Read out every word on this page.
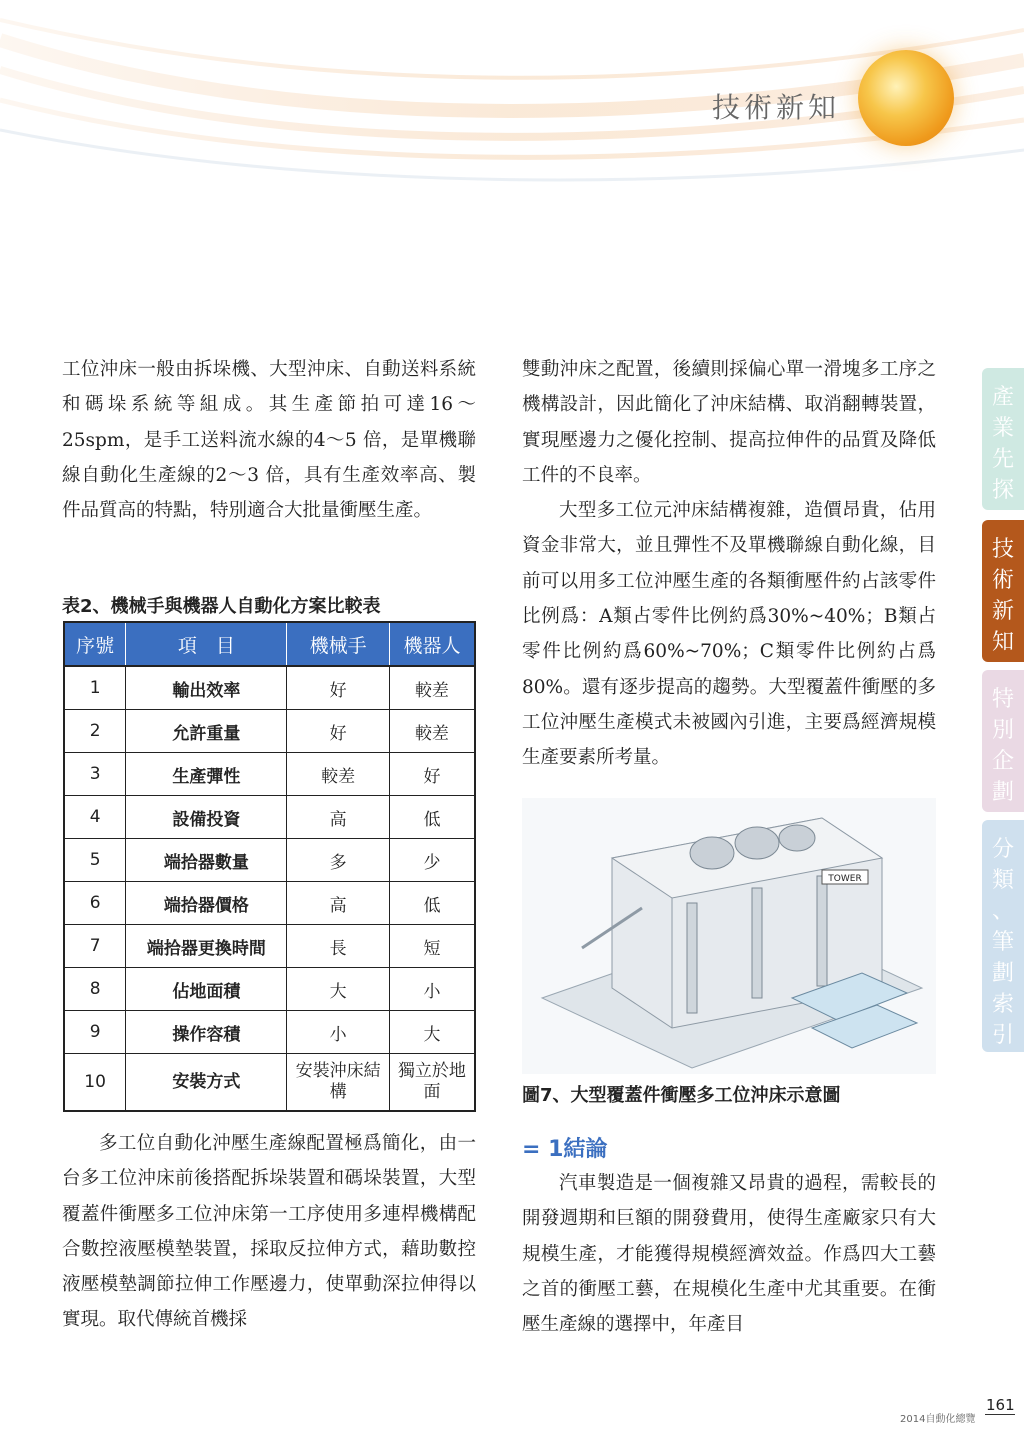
技術新知
產
業
先
探
技
術
新
知
特
別
企
劃
分
類
、
筆
劃
索
引

工位沖床一般由拆垛機、大型沖床、自動送料系統和碼垛系統等組成。其生產節拍可達16～25spm，是手工送料流水線的4～5 倍，是單機聯線自動化生產線的2～3 倍，具有生產效率高、製件品質高的特點，特別適合大批量衝壓生產。

表2、機械手與機器人自動化方案比較表
序號	項　目	機械手	機器人
1	輸出效率	好	較差
2	允許重量	好	較差
3	生產彈性	較差	好
4	設備投資	高	低
5	端拾器數量	多	少
6	端拾器價格	高	低
7	端拾器更換時間	長	短
8	佔地面積	大	小
9	操作容積	小	大
10	安裝方式	安裝沖床結構	獨立於地面

多工位自動化沖壓生產線配置極爲簡化，由一台多工位沖床前後搭配拆垛裝置和碼垛裝置，大型覆蓋件衝壓多工位沖床第一工序使用多連桿機構配合數控液壓模墊裝置，採取反拉伸方式，藉助數控液壓模墊調節拉伸工作壓邊力，使單動深拉伸得以實現。取代傳統首機採

雙動沖床之配置，後續則採偏心單一滑塊多工序之機構設計，因此簡化了沖床結構、取消翻轉裝置，實現壓邊力之優化控制、提高拉伸件的品質及降低工件的不良率。

大型多工位元沖床結構複雜，造價昂貴，佔用資金非常大，並且彈性不及單機聯線自動化線，目前可以用多工位沖壓生產的各類衝壓件約占該零件比例爲：A類占零件比例約爲30%~40%；B類占零件比例約爲60%~70%；C類零件比例約占爲80%。還有逐步提高的趨勢。大型覆蓋件衝壓的多工位沖壓生產模式未被國內引進，主要爲經濟規模生產要素所考量。

TOWER
圖7、大型覆蓋件衝壓多工位沖床示意圖
= 1結論

汽車製造是一個複雜又昂貴的過程，需較長的開發週期和巨額的開發費用，使得生產廠家只有大規模生產，才能獲得規模經濟效益。作爲四大工藝之首的衝壓工藝，在規模化生產中尤其重要。在衝壓生產線的選擇中，年產目

2014自動化總覽
161
